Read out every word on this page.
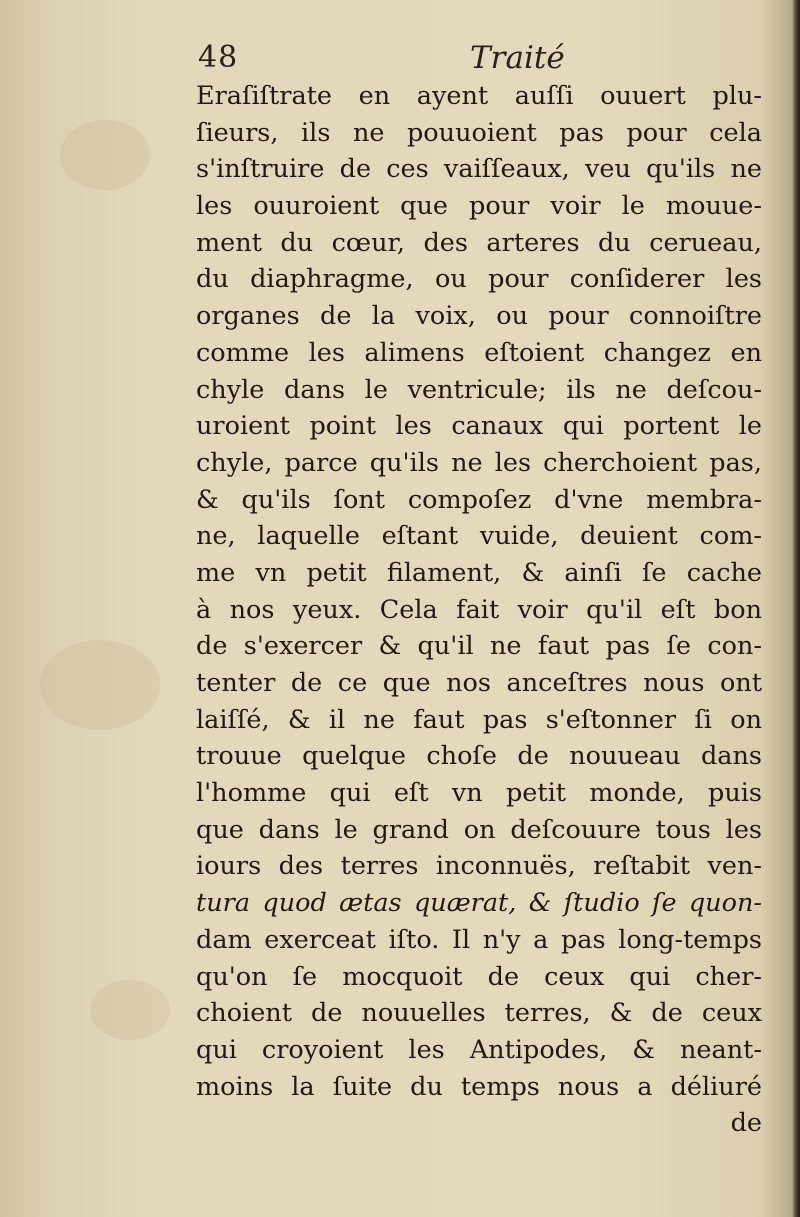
48	Traité
Eraſiſtrate en ayent auſſi ouuert plu-
ſieurs, ils ne pouuoient pas pour cela
s'inſtruire de ces vaiſſeaux, veu qu'ils ne
les ouuroient que pour voir le mouue-
ment du cœur, des arteres du cerueau,
du diaphragme, ou pour conſiderer les
organes de la voix, ou pour connoiſtre
comme les alimens eſtoient changez en
chyle dans le ventricule; ils ne deſcou-
uroient point les canaux qui portent le
chyle, parce qu'ils ne les cherchoient pas,
& qu'ils ſont compoſez d'vne membra-
ne, laquelle eſtant vuide, deuient com-
me vn petit filament, & ainſi ſe cache
à nos yeux. Cela fait voir qu'il eſt bon
de s'exercer & qu'il ne faut pas ſe con-
tenter de ce que nos anceſtres nous ont
laiſſé, & il ne faut pas s'eſtonner ſi on
trouue quelque choſe de nouueau dans
l'homme qui eſt vn petit monde, puis
que dans le grand on deſcouure tous les
iours des terres inconnuës, reſtabit ven-
tura quod ætas quærat, & ſtudio ſe quon-
dam exerceat iſto. Il n'y a pas long-temps
qu'on ſe mocquoit de ceux qui cher-
choient de nouuelles terres, & de ceux
qui croyoient les Antipodes, & neant-
moins la ſuite du temps nous a déliuré
de
